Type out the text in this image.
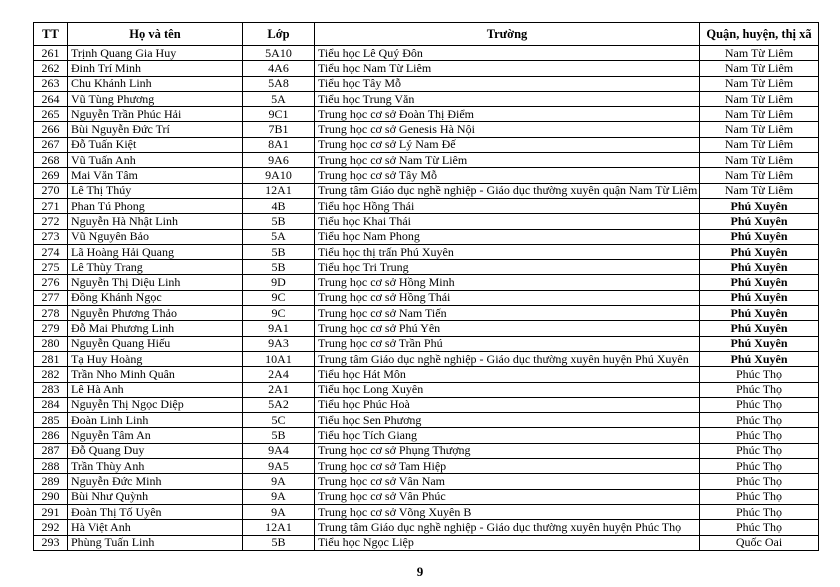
TT	Họ và tên	Lớp	Trường	Quận, huyện, thị xã
261	Trịnh Quang Gia Huy	5A10	Tiểu học Lê Quý Đôn	Nam Từ Liêm
262	Đinh Trí Minh	4A6	Tiểu học Nam Từ Liêm	Nam Từ Liêm
263	Chu Khánh Linh	5A8	Tiểu học Tây Mỗ	Nam Từ Liêm
264	Vũ Tùng Phương	5A	Tiểu học Trung Văn	Nam Từ Liêm
265	Nguyễn Trần Phúc Hải	9C1	Trung học cơ sở Đoàn Thị Điểm	Nam Từ Liêm
266	Bùi Nguyễn Đức Trí	7B1	Trung học cơ sở Genesis Hà Nội	Nam Từ Liêm
267	Đỗ Tuấn Kiệt	8A1	Trung học cơ sở Lý Nam Đế	Nam Từ Liêm
268	Vũ Tuấn Anh	9A6	Trung học cơ sở Nam Từ Liêm	Nam Từ Liêm
269	Mai Văn Tâm	9A10	Trung học cơ sở Tây Mỗ	Nam Từ Liêm
270	Lê Thị Thúy	12A1	Trung tâm Giáo dục nghề nghiệp - Giáo dục thường xuyên quận Nam Từ Liêm	Nam Từ Liêm
271	Phan Tú Phong	4B	Tiểu học Hồng Thái	Phú Xuyên
272	Nguyễn Hà Nhật Linh	5B	Tiểu học Khai Thái	Phú Xuyên
273	Vũ Nguyên Bảo	5A	Tiểu học Nam Phong	Phú Xuyên
274	Lã Hoàng Hải Quang	5B	Tiểu học thị trấn Phú Xuyên	Phú Xuyên
275	Lê Thùy Trang	5B	Tiểu học Tri Trung	Phú Xuyên
276	Nguyễn Thị Diệu Linh	9D	Trung học cơ sở Hồng Minh	Phú Xuyên
277	Đồng Khánh Ngọc	9C	Trung học cơ sở Hồng Thái	Phú Xuyên
278	Nguyễn Phương Thảo	9C	Trung học cơ sở Nam Tiến	Phú Xuyên
279	Đỗ Mai Phương Linh	9A1	Trung học cơ sở Phú Yên	Phú Xuyên
280	Nguyễn Quang Hiếu	9A3	Trung học cơ sở Trần Phú	Phú Xuyên
281	Tạ Huy Hoàng	10A1	Trung tâm Giáo dục nghề nghiệp - Giáo dục thường xuyên huyện Phú Xuyên	Phú Xuyên
282	Trần Nho Minh Quân	2A4	Tiểu học Hát Môn	Phúc Thọ
283	Lê Hà Anh	2A1	Tiểu học Long Xuyên	Phúc Thọ
284	Nguyễn Thị Ngọc Diệp	5A2	Tiểu học Phúc Hoà	Phúc Thọ
285	Đoàn Linh Linh	5C	Tiểu học Sen Phương	Phúc Thọ
286	Nguyễn Tâm An	5B	Tiểu học Tích Giang	Phúc Thọ
287	Đỗ Quang Duy	9A4	Trung học cơ sở Phụng Thượng	Phúc Thọ
288	Trần Thùy Anh	9A5	Trung học cơ sở Tam Hiệp	Phúc Thọ
289	Nguyễn Đức Minh	9A	Trung học cơ sở Vân Nam	Phúc Thọ
290	Bùi Như Quỳnh	9A	Trung học cơ sở Vân Phúc	Phúc Thọ
291	Đoàn Thị Tố Uyên	9A	Trung học cơ sở Võng Xuyên B	Phúc Thọ
292	Hà Việt Anh	12A1	Trung tâm Giáo dục nghề nghiệp - Giáo dục thường xuyên huyện Phúc Thọ	Phúc Thọ
293	Phùng Tuấn Linh	5B	Tiểu học Ngọc Liệp	Quốc Oai
9
